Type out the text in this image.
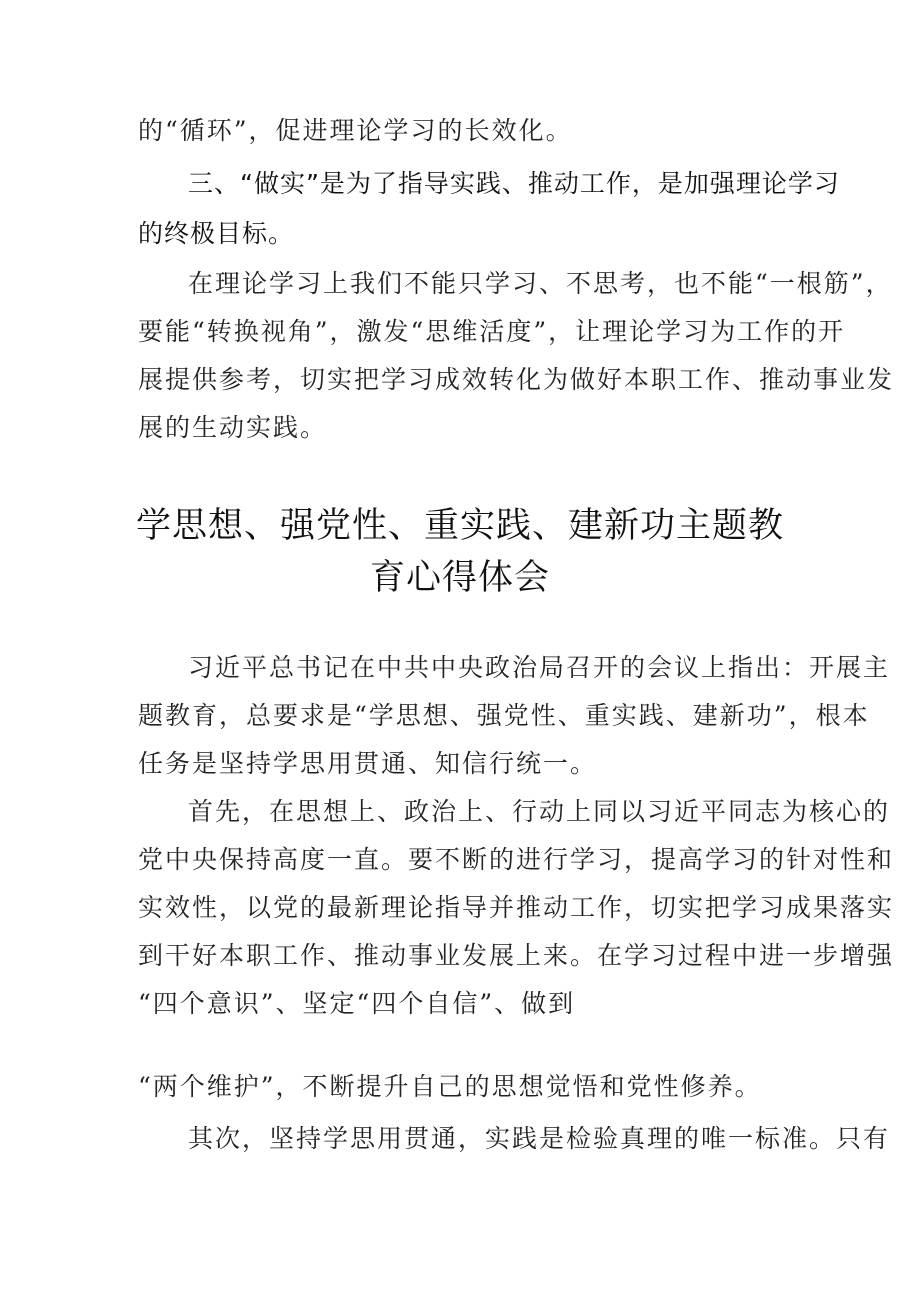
的“循环”，促进理论学习的长效化。
三、“做实”是为了指导实践、推动工作，是加强理论学习
的终极目标。
在理论学习上我们不能只学习、不思考，也不能“一根筋”，
要能“转换视角”，激发“思维活度”，让理论学习为工作的开
展提供参考，切实把学习成效转化为做好本职工作、推动事业发
展的生动实践。
学思想、强党性、重实践、建新功主题教
育心得体会
习近平总书记在中共中央政治局召开的会议上指出：开展主
题教育，总要求是“学思想、强党性、重实践、建新功”，根本
任务是坚持学思用贯通、知信行统一。
首先，在思想上、政治上、行动上同以习近平同志为核心的
党中央保持高度一直。要不断的进行学习，提高学习的针对性和
实效性，以党的最新理论指导并推动工作，切实把学习成果落实
到干好本职工作、推动事业发展上来。在学习过程中进一步增强
“四个意识”、坚定“四个自信”、做到
“两个维护”，不断提升自己的思想觉悟和党性修养。
其次，坚持学思用贯通，实践是检验真理的唯一标准。只有
